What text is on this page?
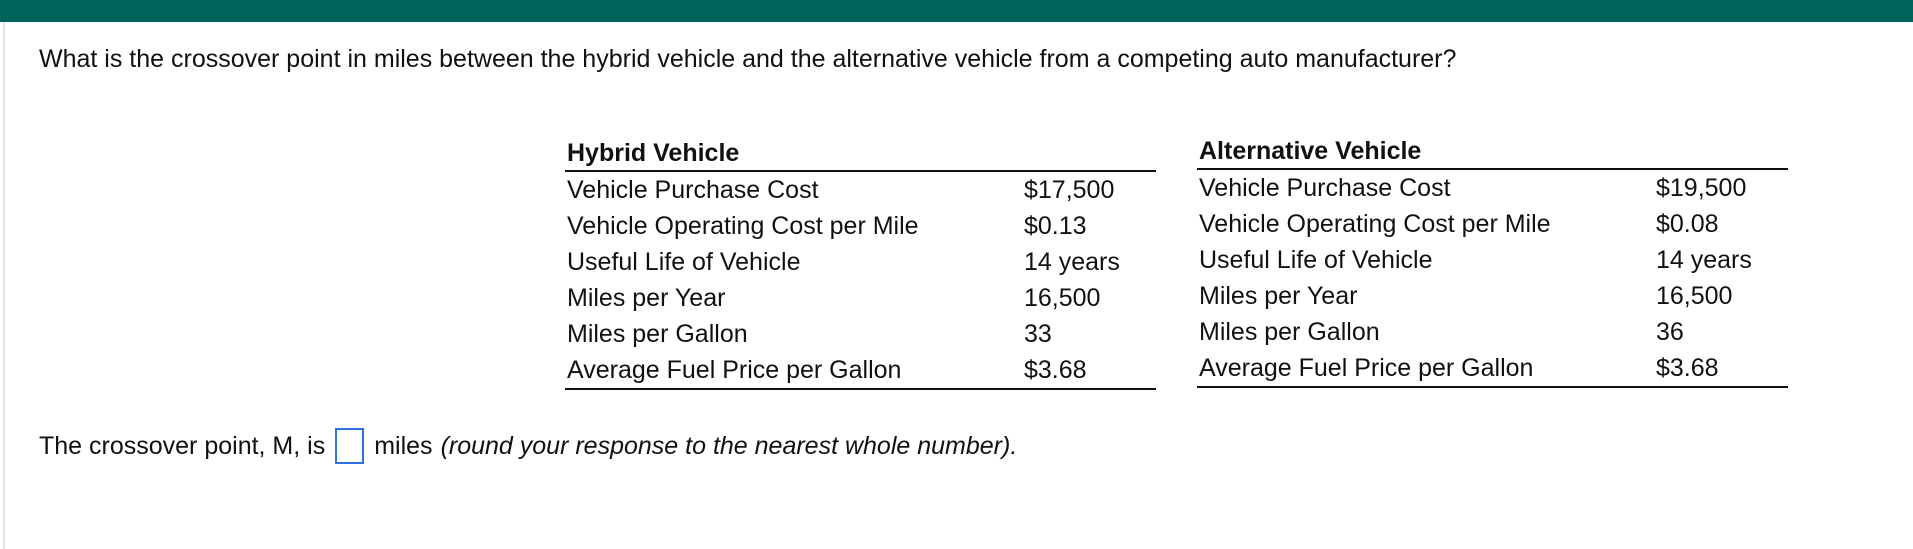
What is the crossover point in miles between the hybrid vehicle and the alternative vehicle from a competing auto manufacturer?
Hybrid Vehicle	
Vehicle Purchase Cost	$17,500
Vehicle Operating Cost per Mile	$0.13
Useful Life of Vehicle	14 years
Miles per Year	16,500
Miles per Gallon	33
Average Fuel Price per Gallon	$3.68
Alternative Vehicle	
Vehicle Purchase Cost	$19,500
Vehicle Operating Cost per Mile	$0.08
Useful Life of Vehicle	14 years
Miles per Year	16,500
Miles per Gallon	36
Average Fuel Price per Gallon	$3.68
The crossover point, M, is miles (round your response to the nearest whole number).
